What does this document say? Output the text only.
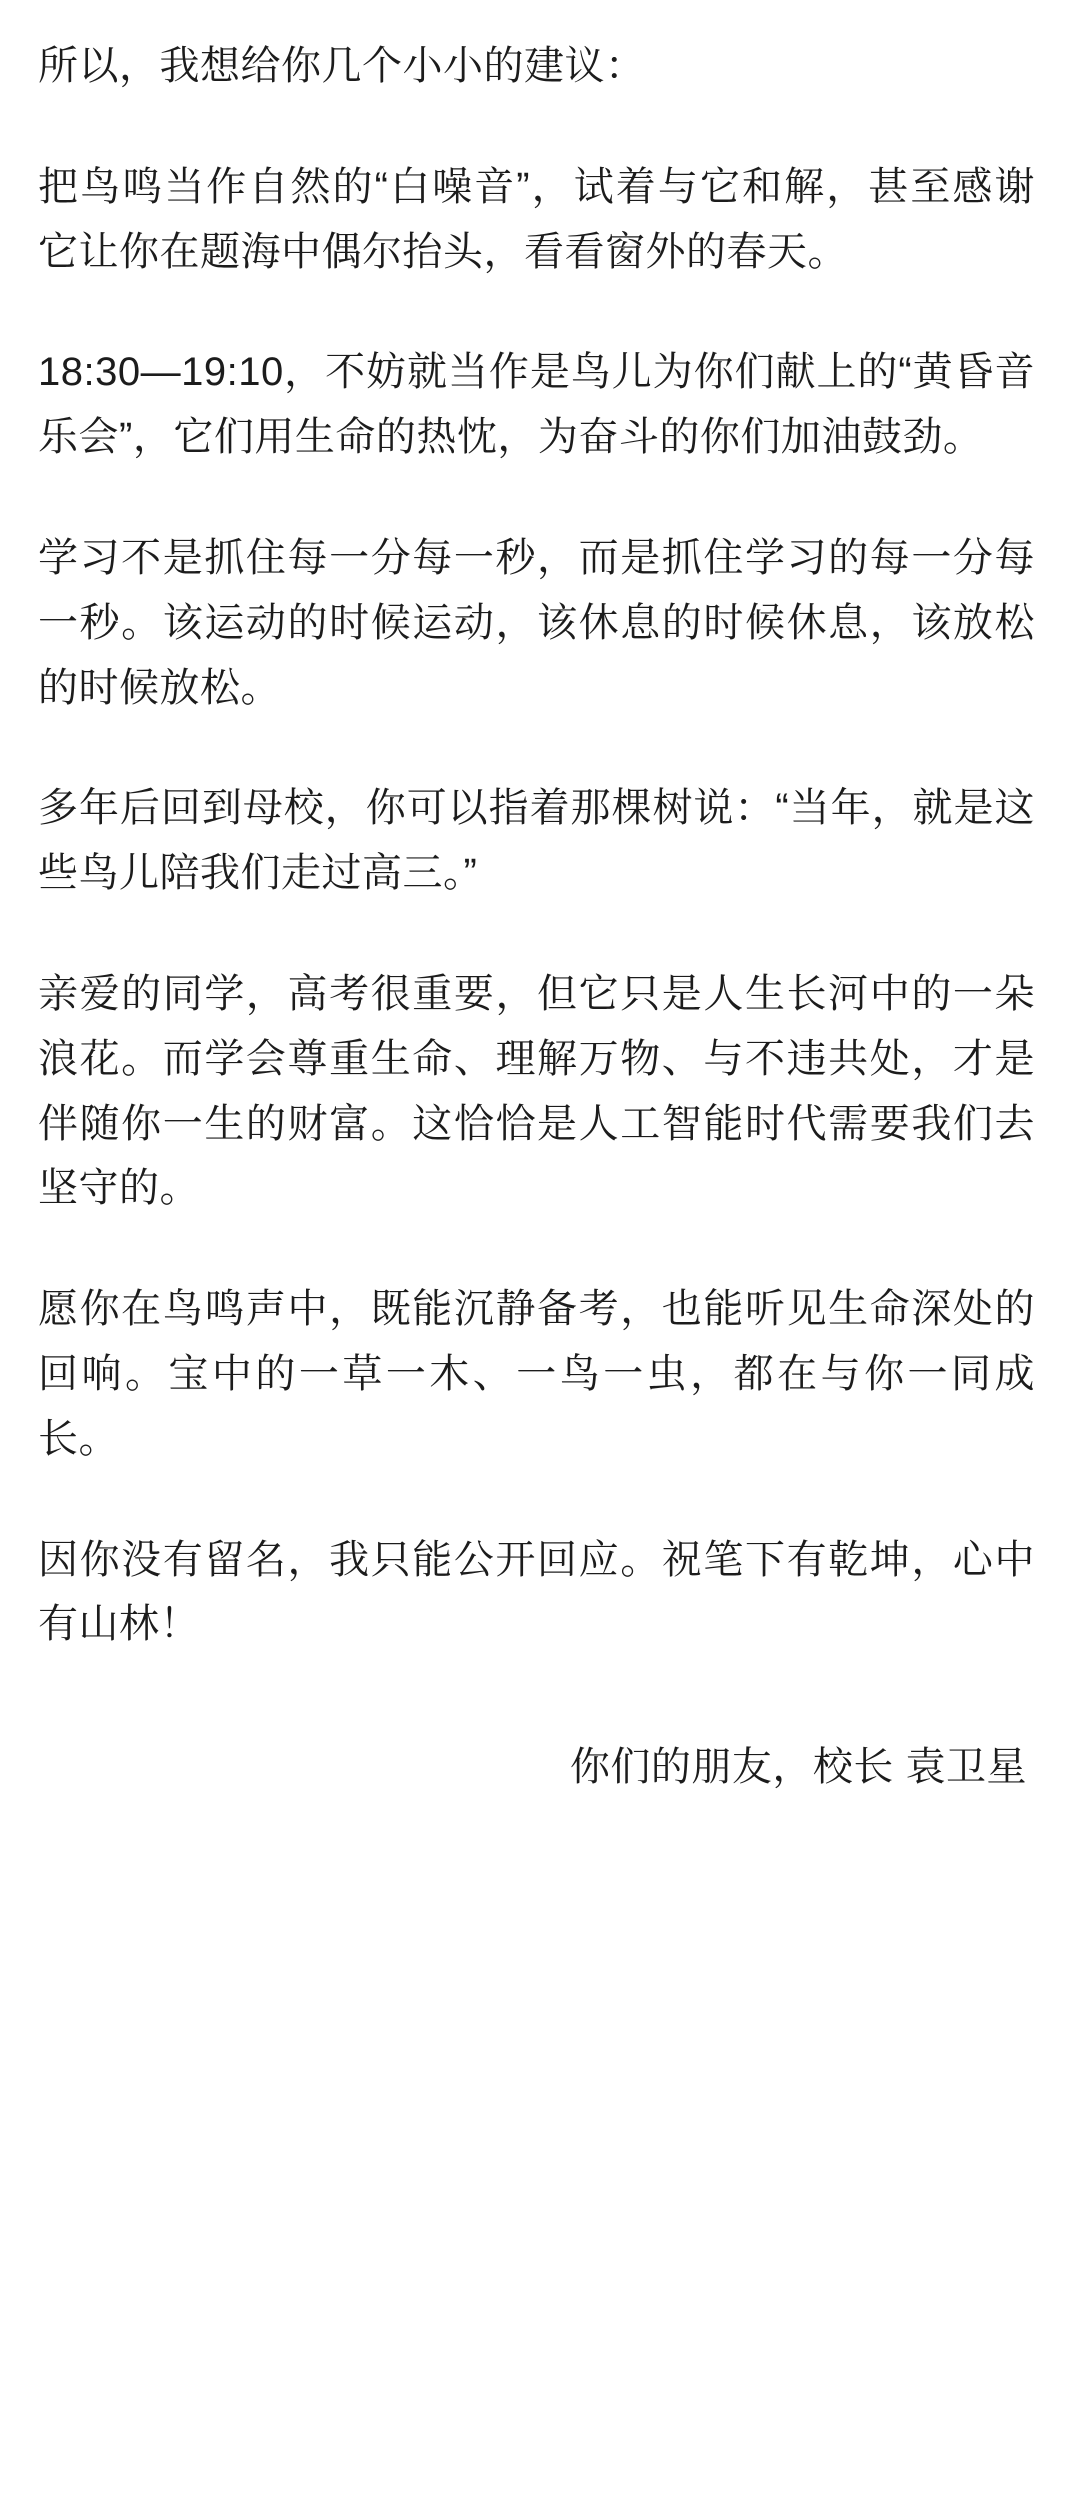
所以，我想给你几个小小的建议：

把鸟鸣当作自然的“白噪音”，试着与它和解，甚至感谢它让你在题海中偶尔抬头，看看窗外的春天。

18:30—19:10，不妨就当作是鸟儿为你们献上的“黄昏音乐会”，它们用生命的热忱，为奋斗的你们加油鼓劲。

学习不是抓住每一分每一秒，而是抓住学习的每一分每一秒。该运动的时候运动，该休息的时候休息，该放松的时候放松。

多年后回到母校，你可以指着那棵树说：“当年，就是这些鸟儿陪我们走过高三。”

亲爱的同学，高考很重要，但它只是人生长河中的一朵浪花。而学会尊重生命、理解万物、与不违共处，才是伴随你一生的财富。这恰恰是人工智能时代需要我们去坚守的。

愿你在鸟鸣声中，既能沉静备考，也能听见生命深处的回响。宝中的一草一木、一鸟一虫，都在与你一同成长。

因你没有留名，我只能公开回应。祝笔下有乾坤，心中有山林！

你们的朋友，校长 袁卫星
